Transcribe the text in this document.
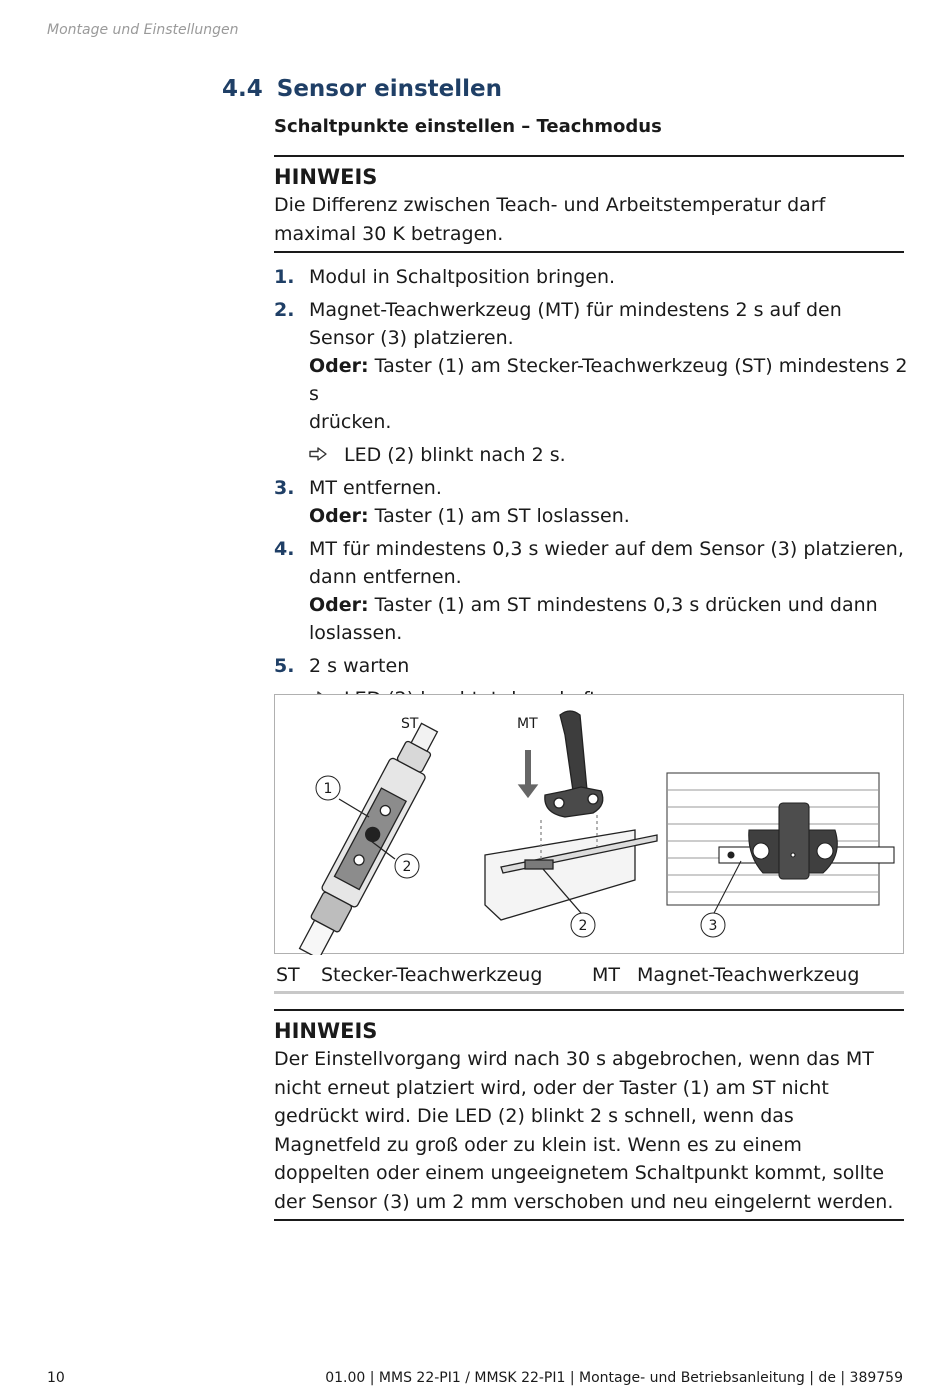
Montage und Einstellungen
4.4 Sensor einstellen
Schaltpunkte einstellen – Teachmodus
HINWEIS
Die Differenz zwischen Teach- und Arbeitstemperatur darf
maximal 30 K betragen.
1. Modul in Schaltposition bringen.
2. Magnet-Teachwerkzeug (MT) für mindestens 2 s auf den
Sensor (3) platzieren.
Oder: Taster (1) am Stecker-Teachwerkzeug (ST) mindestens 2 s
drücken.
LED (2) blinkt nach 2 s.
3. MT entfernen.
Oder: Taster (1) am ST loslassen.
4. MT für mindestens 0,3 s wieder auf dem Sensor (3) platzieren,
dann entfernen.
Oder: Taster (1) am ST mindestens 0,3 s drücken und dann
loslassen.
5. 2 s warten
ST
1
2
MT
2	3
ST Stecker-Teachwerkzeug	MT Magnet-Teachwerkzeug
HINWEIS
Der Einstellvorgang wird nach 30 s abgebrochen, wenn das MT
nicht erneut platziert wird, oder der Taster (1) am ST nicht
gedrückt wird. Die LED (2) blinkt 2 s schnell, wenn das
Magnetfeld zu groß oder zu klein ist. Wenn es zu einem
doppelten oder einem ungeeignetem Schaltpunkt kommt, sollte
der Sensor (3) um 2 mm verschoben und neu eingelernt werden.
10	01.00 | MMS 22-PI1 / MMSK 22-PI1 | Montage- und Betriebsanleitung | de | 389759
